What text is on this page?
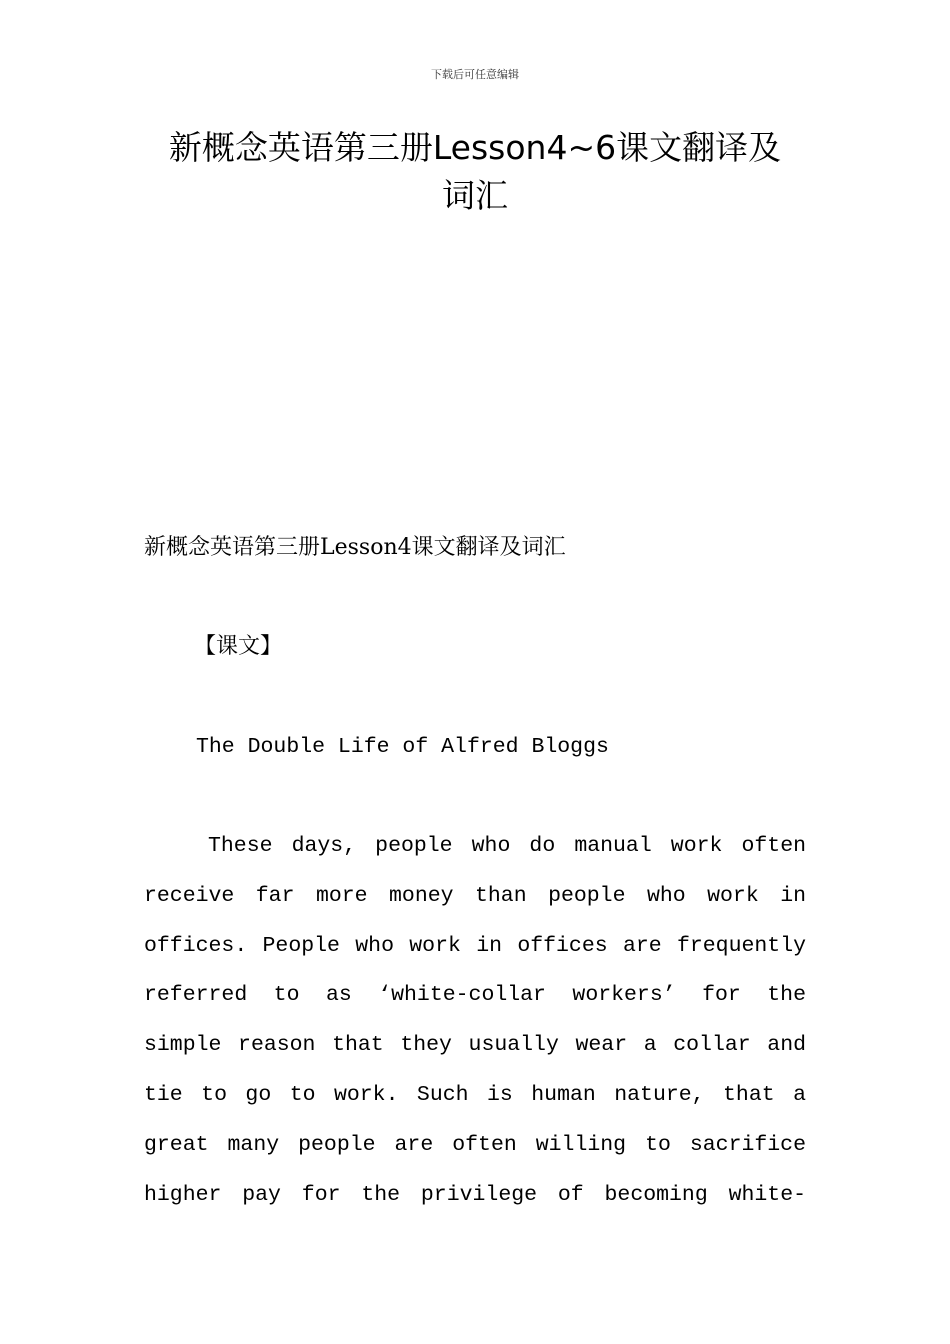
下载后可任意编辑
新概念英语第三册Lesson4~6课文翻译及
词汇
新概念英语第三册Lesson4课文翻译及词汇
【课文】
The Double Life of Alfred Bloggs
These days, people who do manual work often
receive far more money than people who work in
offices. People who work in offices are frequently
referred to as ‘white-collar workers’ for the
simple reason that they usually wear a collar and
tie to go to work. Such is human nature, that a
great many people are often willing to sacrifice
higher pay for the privilege of becoming white-
